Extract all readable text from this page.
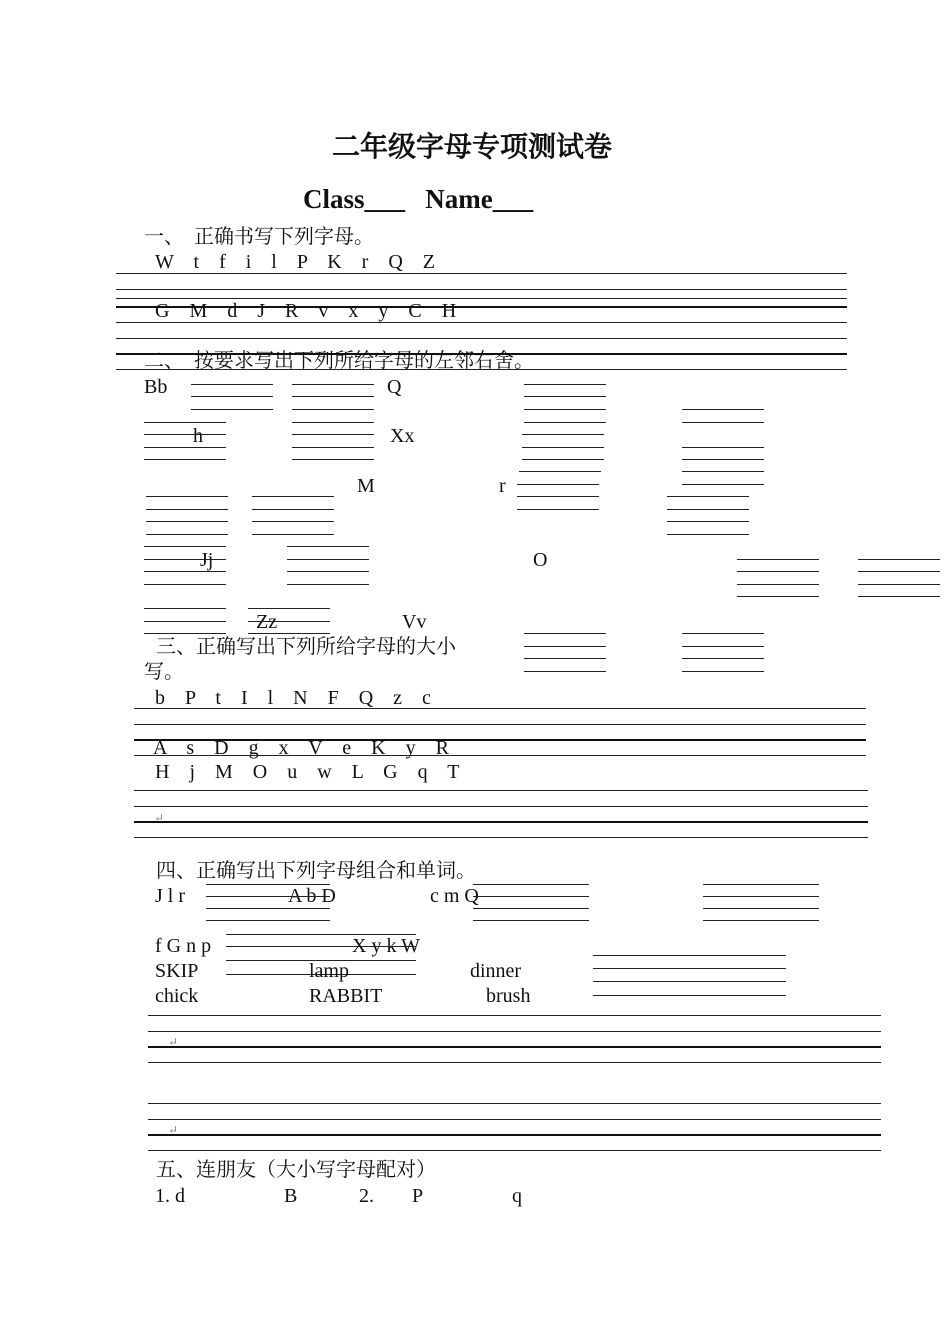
二年级字母专项测试卷
Class___   Name___
一、  正确书写下列字母。
W    t    f    i    l    P    K    r    Q    Z
G    M    d    J    R    v    x    y    C    H
二、  按要求写出下列所给字母的左邻右舍。
Bb	Q
h	Xx
M	r
Jj	O
Zz	Vv
三、正确写出下列所给字母的大小
写。
b    P    t    I    l    N    F    Q    z    c
A    s    D    g    x    V    e    K    y    R
H    j    M    O    u    w    L    G    q    T
↵
四、正确写出下列字母组合和单词。
J l r	A b D	c m Q
f G n p	X y k W
SKIP	lamp	dinner
chick	RABBIT	brush
↵
↵
五、连朋友（大小写字母配对）
1. d	B	2. P	q
